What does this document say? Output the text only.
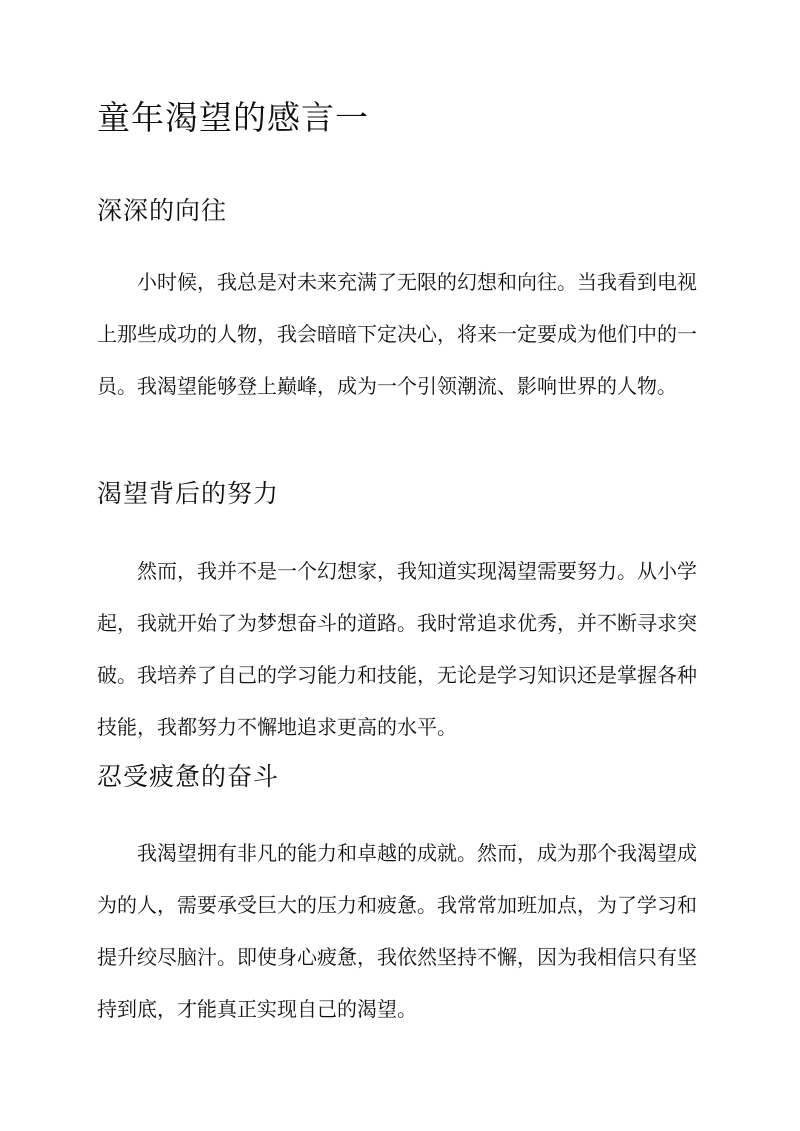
童年渴望的感言一
深深的向往

小时候，我总是对未来充满了无限的幻想和向往。当我看到电视上那些成功的人物，我会暗暗下定决心，将来一定要成为他们中的一员。我渴望能够登上巅峰，成为一个引领潮流、影响世界的人物。

渴望背后的努力

然而，我并不是一个幻想家，我知道实现渴望需要努力。从小学起，我就开始了为梦想奋斗的道路。我时常追求优秀，并不断寻求突破。我培养了自己的学习能力和技能，无论是学习知识还是掌握各种技能，我都努力不懈地追求更高的水平。

忍受疲惫的奋斗

我渴望拥有非凡的能力和卓越的成就。然而，成为那个我渴望成为的人，需要承受巨大的压力和疲惫。我常常加班加点，为了学习和提升绞尽脑汁。即使身心疲惫，我依然坚持不懈，因为我相信只有坚持到底，才能真正实现自己的渴望。
